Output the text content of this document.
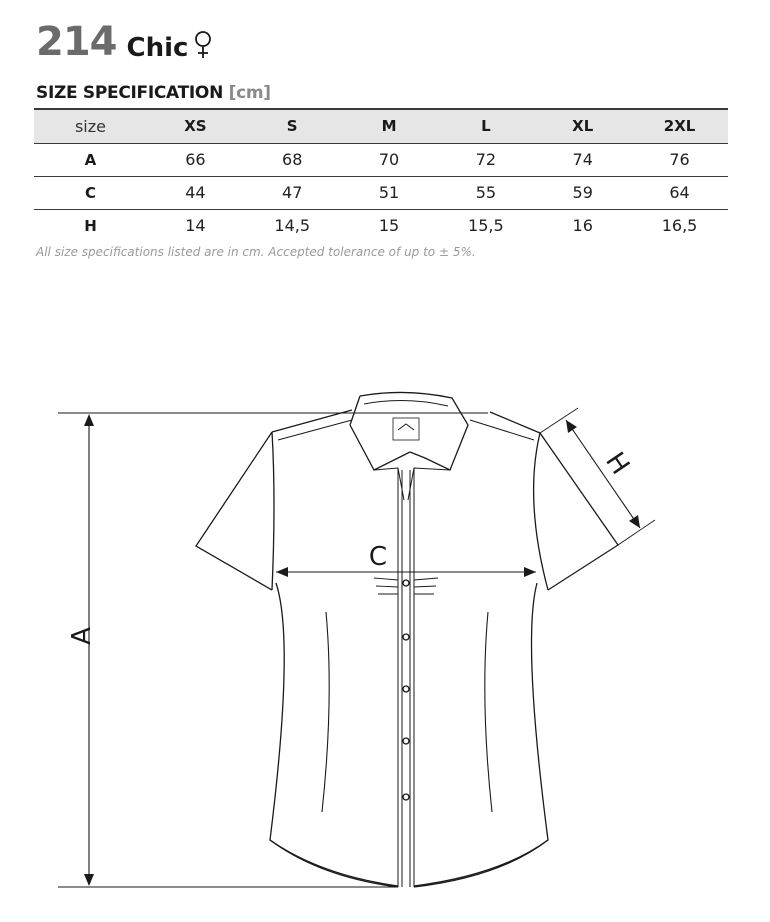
214 Chic
SIZE SPECIFICATION [cm]
size	XS	S	M	L	XL	2XL
A	66	68	70	72	74	76
C	44	47	51	55	59	64
H	14	14,5	15	15,5	16	16,5
All size specifications listed are in cm. Accepted tolerance of up to ± 5%.
A
C
H
